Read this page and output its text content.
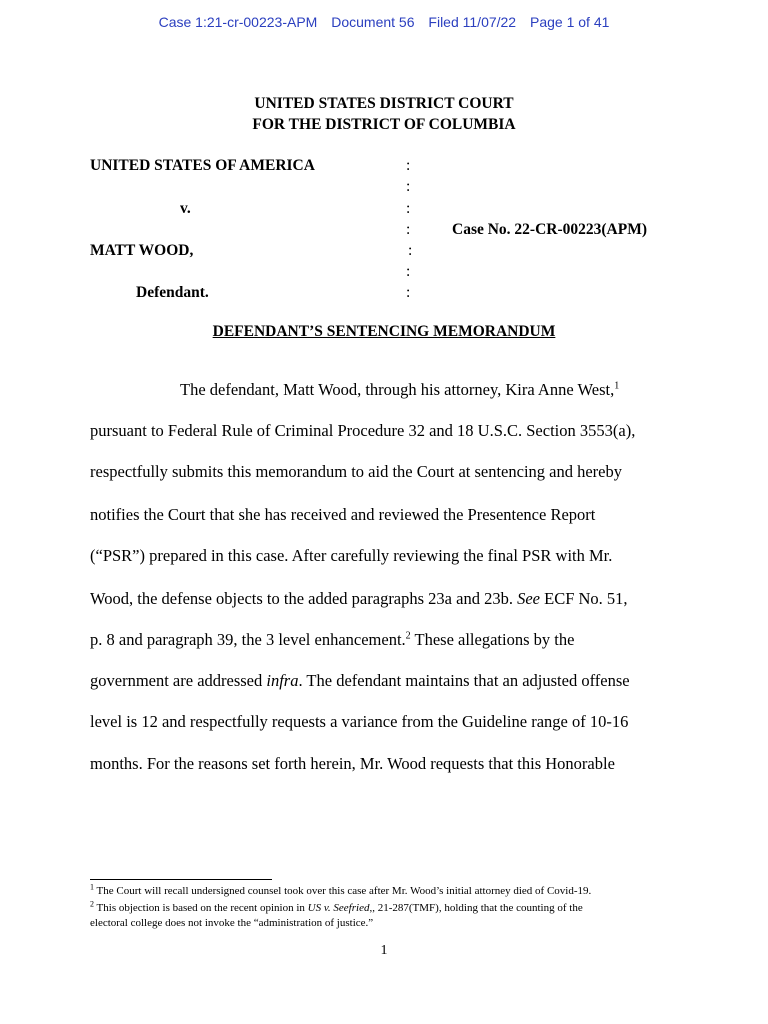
Case 1:21-cr-00223-APM Document 56 Filed 11/07/22 Page 1 of 41
UNITED STATES DISTRICT COURT
FOR THE DISTRICT OF COLUMBIA
UNITED STATES OF AMERICA
v.
MATT WOOD,
Defendant.
Case No. 22-CR-00223(APM)
:
:
:
:
:
:
:
DEFENDANT’S SENTENCING MEMORANDUM
The defendant, Matt Wood, through his attorney, Kira Anne West,$^1$
pursuant to Federal Rule of Criminal Procedure 32 and 18 U.S.C. Section 3553(a),
respectfully submits this memorandum to aid the Court at sentencing and hereby
notifies the Court that she has received and reviewed the Presentence Report
(“PSR”) prepared in this case. After carefully reviewing the final PSR with Mr.
Wood, the defense objects to the added paragraphs 23a and 23b. See ECF No. 51,
p. 8 and paragraph 39, the 3 level enhancement.$^2$ These allegations by the
government are addressed infra. The defendant maintains that an adjusted offense
level is 12 and respectfully requests a variance from the Guideline range of 10-16
months. For the reasons set forth herein, Mr. Wood requests that this Honorable
$^1$ The Court will recall undersigned counsel took over this case after Mr. Wood’s initial attorney died of Covid-19.
$^2$ This objection is based on the recent opinion in US v. Seefried,, 21-287(TMF), holding that the counting of the
electoral college does not invoke the “administration of justice.”
1
